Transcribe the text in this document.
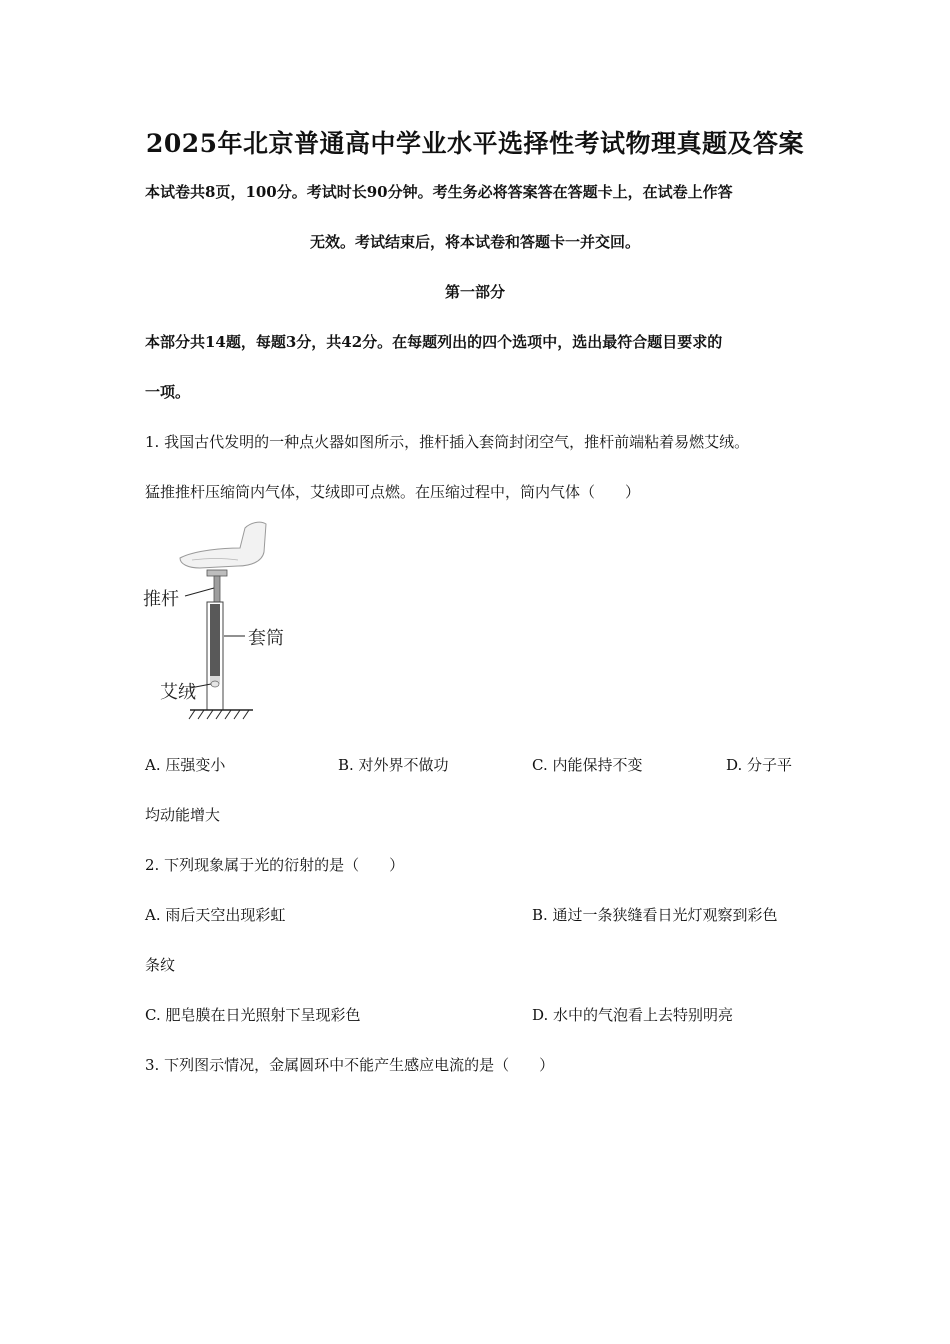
2025年北京普通高中学业水平选择性考试物理真题及答案
本试卷共8页，100分。考试时长90分钟。考生务必将答案答在答题卡上，在试卷上作答
无效。考试结束后，将本试卷和答题卡一并交回。
第一部分
本部分共14题，每题3分，共42分。在每题列出的四个选项中，选出最符合题目要求的
一项。
1. 我国古代发明的一种点火器如图所示，推杆插入套筒封闭空气，推杆前端粘着易燃艾绒。
猛推推杆压缩筒内气体，艾绒即可点燃。在压缩过程中，筒内气体（　　）
推杆
套筒
艾绒
A. 压强变小	B. 对外界不做功	C. 内能保持不变	D. 分子平
均动能增大
2. 下列现象属于光的衍射的是（　　）
A. 雨后天空出现彩虹	B. 通过一条狭缝看日光灯观察到彩色
条纹
C. 肥皂膜在日光照射下呈现彩色	D. 水中的气泡看上去特别明亮
3. 下列图示情况，金属圆环中不能产生感应电流的是（　　）
